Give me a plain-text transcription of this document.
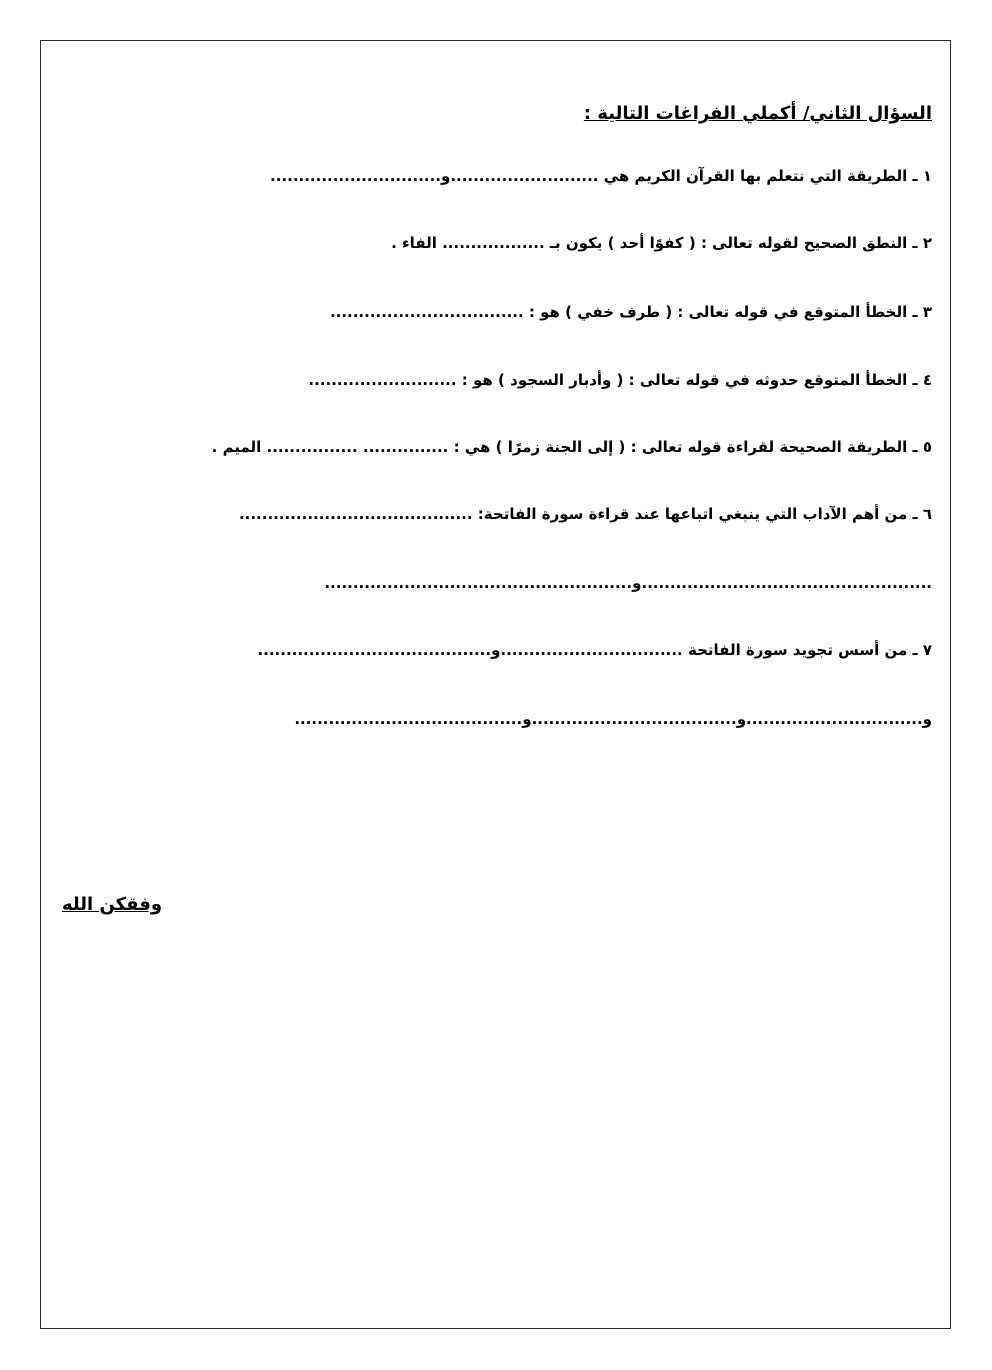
السؤال الثاني/ أكملي الفراغات التالية :
١ ـ الطريقة التي نتعلم بها القرآن الكريم هي ..........................و..............................
٢ ـ النطق الصحيح لقوله تعالى : ( كفوًا أحد ) يكون بـ .................. الفاء .
٣ ـ الخطأ المتوقع في قوله تعالى : ( طرف خفي ) هو : ..................................
٤ ـ الخطأ المتوقع حدوثه في قوله تعالى : ( وأدبار السجود ) هو : ..........................
٥ ـ الطريقة الصحيحة لقراءة قوله تعالى : ( إلى الجنة زمرًا ) هي : ............... ................ الميم .
٦ ـ من أهم الآداب التي ينبغي اتباعها عند قراءة سورة الفاتحة: .........................................
...................................................و......................................................
٧ ـ من أسس تجويد سورة الفاتحة ................................و.........................................
و...............................و....................................و........................................
وفقكن الله
